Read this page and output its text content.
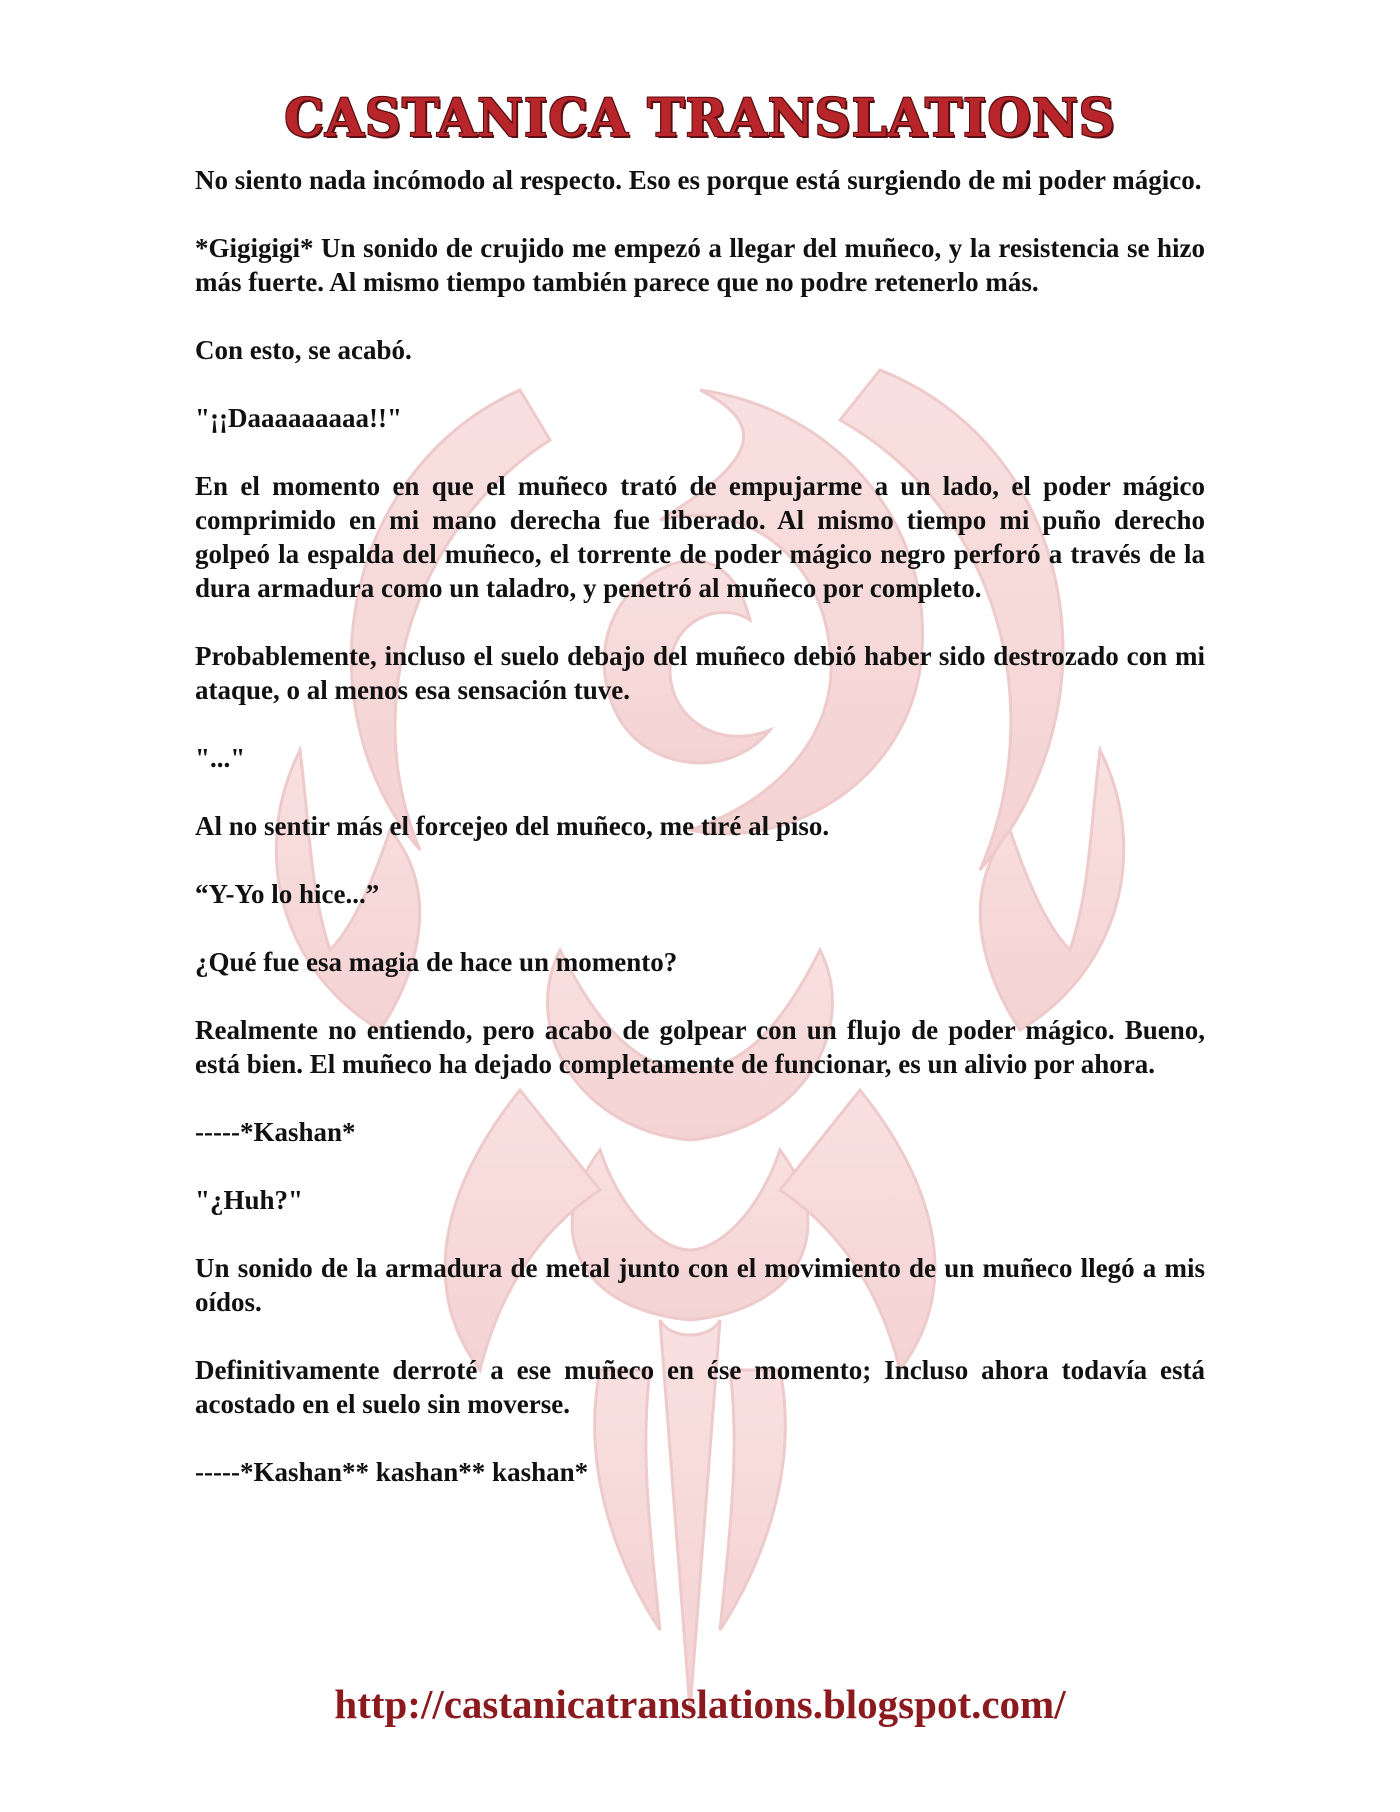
CASTANICA TRANSLATIONS

No siento nada incómodo al respecto. Eso es porque está surgiendo de mi poder mágico.

*Gigigigi* Un sonido de crujido me empezó a llegar del muñeco, y la resistencia se hizo más fuerte. Al mismo tiempo también parece que no podre retenerlo más.

Con esto, se acabó.

"¡¡Daaaaaaaaa!!"

En el momento en que el muñeco trató de empujarme a un lado, el poder mágico comprimido en mi mano derecha fue liberado. Al mismo tiempo mi puño derecho golpeó la espalda del muñeco, el torrente de poder mágico negro perforó a través de la dura armadura como un taladro, y penetró al muñeco por completo.

Probablemente, incluso el suelo debajo del muñeco debió haber sido destrozado con mi ataque, o al menos esa sensación tuve.

"..."

Al no sentir más el forcejeo del muñeco, me tiré al piso.

“Y-Yo lo hice...”

¿Qué fue esa magia de hace un momento?

Realmente no entiendo, pero acabo de golpear con un flujo de poder mágico. Bueno, está bien. El muñeco ha dejado completamente de funcionar, es un alivio por ahora.

-----*Kashan*

"¿Huh?"

Un sonido de la armadura de metal junto con el movimiento de un muñeco llegó a mis oídos.

Definitivamente derroté a ese muñeco en ése momento; Incluso ahora todavía está acostado en el suelo sin moverse.

-----*Kashan** kashan** kashan*

http://castanicatranslations.blogspot.com/
